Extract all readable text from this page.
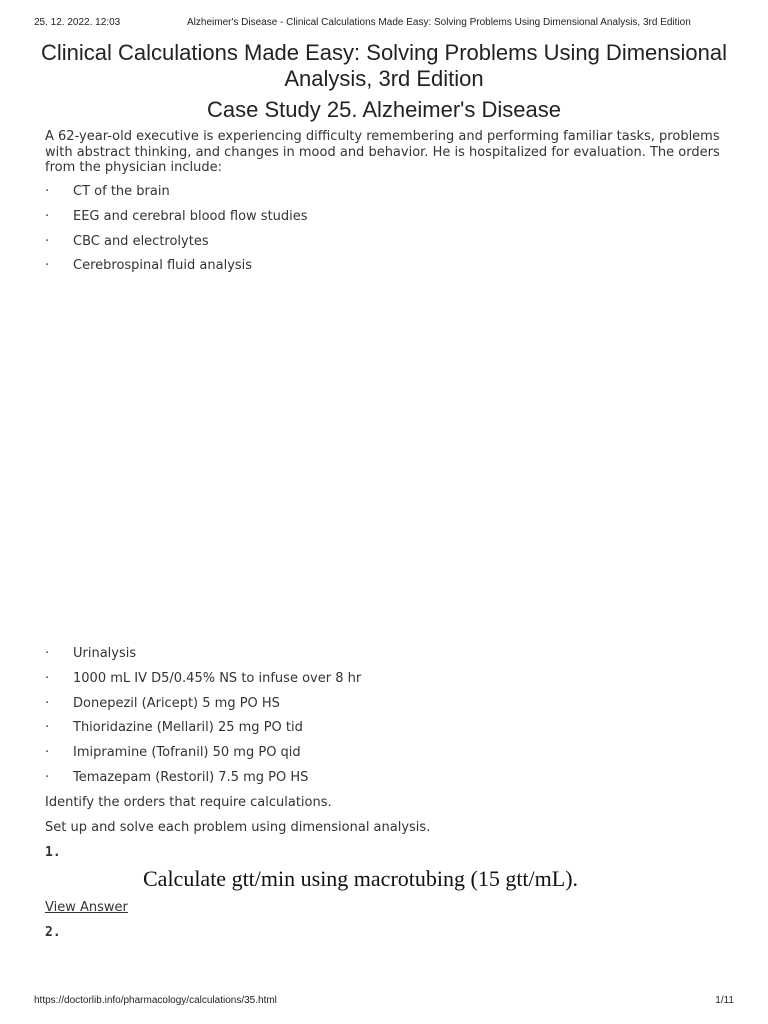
25. 12. 2022. 12:03	Alzheimer's Disease - Clinical Calculations Made Easy: Solving Problems Using Dimensional Analysis, 3rd Edition
Clinical Calculations Made Easy: Solving Problems Using Dimensional Analysis, 3rd Edition
Case Study 25. Alzheimer's Disease

A 62-year-old executive is experiencing difficulty remembering and performing familiar tasks, problems with abstract thinking, and changes in mood and behavior. He is hospitalized for evaluation. The orders from the physician include:

· CT of the brain
· EEG and cerebral blood flow studies
· CBC and electrolytes
· Cerebrospinal fluid analysis
· Urinalysis
· 1000 mL IV D5/0.45% NS to infuse over 8 hr
· Donepezil (Aricept) 5 mg PO HS
· Thioridazine (Mellaril) 25 mg PO tid
· Imipramine (Tofranil) 50 mg PO qid
· Temazepam (Restoril) 7.5 mg PO HS

Identify the orders that require calculations.

Set up and solve each problem using dimensional analysis.

1.
Calculate gtt/min using macrotubing (15 gtt/mL).
View Answer
2.
https://doctorlib.info/pharmacology/calculations/35.html	1/11
